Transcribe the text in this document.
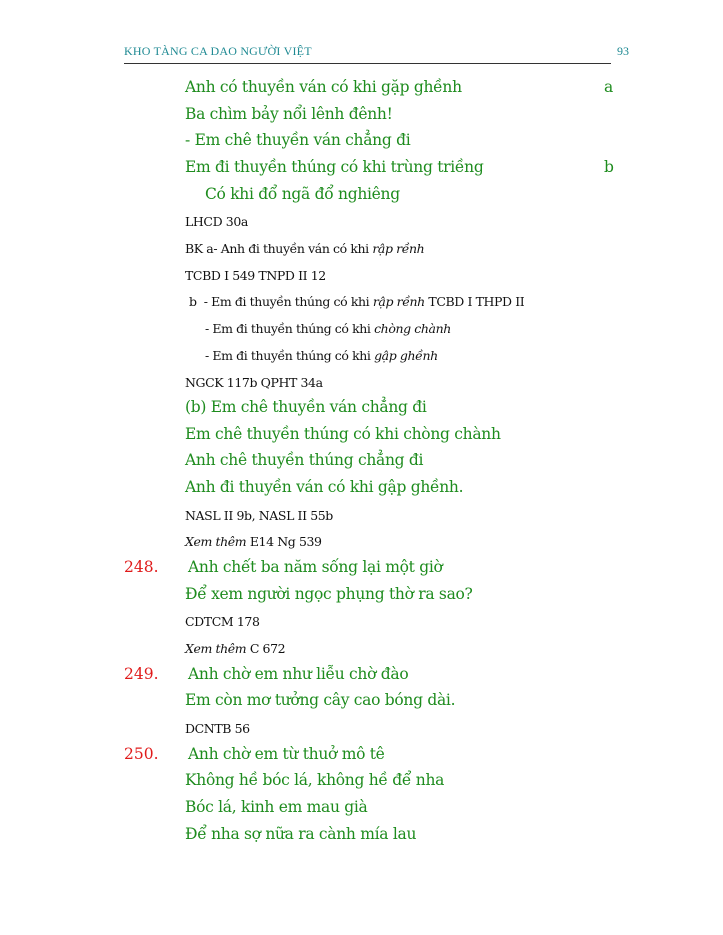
KHO TÀNG CA DAO NGƯỜI VIỆT	93
Anh có thuyền ván có khi gặp ghềnh	a
Ba chìm bảy nổi lênh đênh!
- Em chê thuyền ván chẳng đi
Em đi thuyền thúng có khi trùng triềng	b
Có khi đổ ngã đổ nghiêng
LHCD 30a
BK a- Anh đi thuyền ván có khi rập rềnh
TCBD I 549 TNPD II 12
b - Em đi thuyền thúng có khi rập rềnh TCBD I THPD II
- Em đi thuyền thúng có khi chòng chành
- Em đi thuyền thúng có khi gập ghềnh
NGCK 117b QPHT 34a
(b) Em chê thuyền ván chẳng đi
Em chê thuyền thúng có khi chòng chành
Anh chê thuyền thúng chẳng đi
Anh đi thuyền ván có khi gập ghềnh.
NASL II 9b, NASL II 55b
Xem thêm E14 Ng 539
248. Anh chết ba năm sống lại một giờ
Để xem người ngọc phụng thờ ra sao?
CDTCM 178
Xem thêm C 672
249. Anh chờ em như liễu chờ đào
Em còn mơ tưởng cây cao bóng dài.
DCNTB 56
250. Anh chờ em từ thuở mô tê
Không hề bóc lá, không hề để nha
Bóc lá, kinh em mau già
Để nha sợ nữa ra cành mía lau
